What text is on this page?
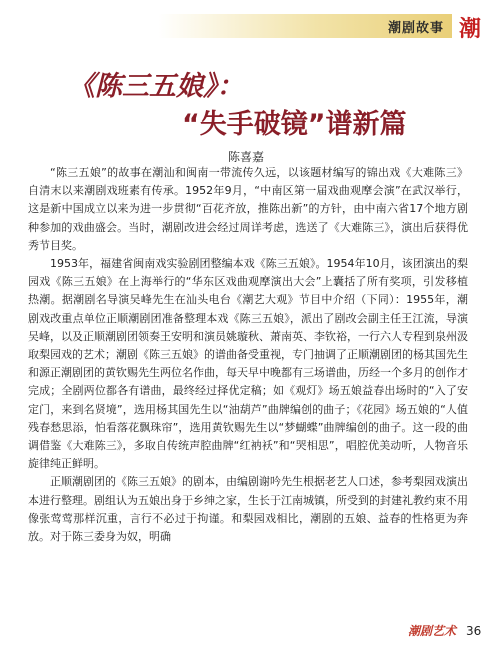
潮剧故事 潮
《陈三五娘》：
“失手破镜”谱新篇
陈喜嘉

“陈三五娘”的故事在潮汕和闽南一带流传久远，以该题材编写的锦出戏《大难陈三》自清末以来潮剧戏班素有传承。1952年9月，“中南区第一届戏曲观摩会演”在武汉举行，这是新中国成立以来为进一步贯彻“百花齐放，推陈出新”的方针，由中南六省17个地方剧种参加的戏曲盛会。当时，潮剧改进会经过周详考虑，选送了《大难陈三》，演出后获得优秀节目奖。

1953年，福建省闽南戏实验剧团整编本戏《陈三五娘》。1954年10月，该团演出的梨园戏《陈三五娘》在上海举行的“华东区戏曲观摩演出大会”上囊括了所有奖项，引发移植热潮。据潮剧名导演吴峰先生在汕头电台《潮艺大观》节目中介绍（下同）：1955年，潮剧戏改重点单位正顺潮剧团准备整理本戏《陈三五娘》，派出了剧改会副主任王江流，导演吴峰，以及正顺潮剧团领奏王安明和演员姚璇秋、萧南英、李钦裕，一行六人专程到泉州汲取梨园戏的艺术；潮剧《陈三五娘》的谱曲备受重视，专门抽调了正顺潮剧团的杨其国先生和源正潮剧团的黄钦赐先生两位名作曲，每天早中晚都有三场谱曲，历经一个多月的创作才完成；全剧两位都各有谱曲，最终经过择优定稿；如《观灯》场五娘益春出场时的“入了安定门，来到名贤境”，选用杨其国先生以“油葫芦”曲牌编创的曲子；《花园》场五娘的“人值残春愁思添，怕看落花飘珠帘”，选用黄钦赐先生以“梦蝴蝶”曲牌编创的曲子。这一段的曲调借鉴《大难陈三》，多取自传统声腔曲牌“红衲袄”和“哭相思”，唱腔优美动听，人物音乐旋律纯正鲜明。

正顺潮剧团的《陈三五娘》的剧本，由编剧谢吟先生根据老艺人口述，参考梨园戏演出本进行整理。剧组认为五娘出身于乡绅之家，生长于江南城镇，所受到的封建礼教约束不用像张莺莺那样沉重，言行不必过于拘谨。和梨园戏相比，潮剧的五娘、益春的性格更为奔放。对于陈三委身为奴，明确

潮剧艺术 36
